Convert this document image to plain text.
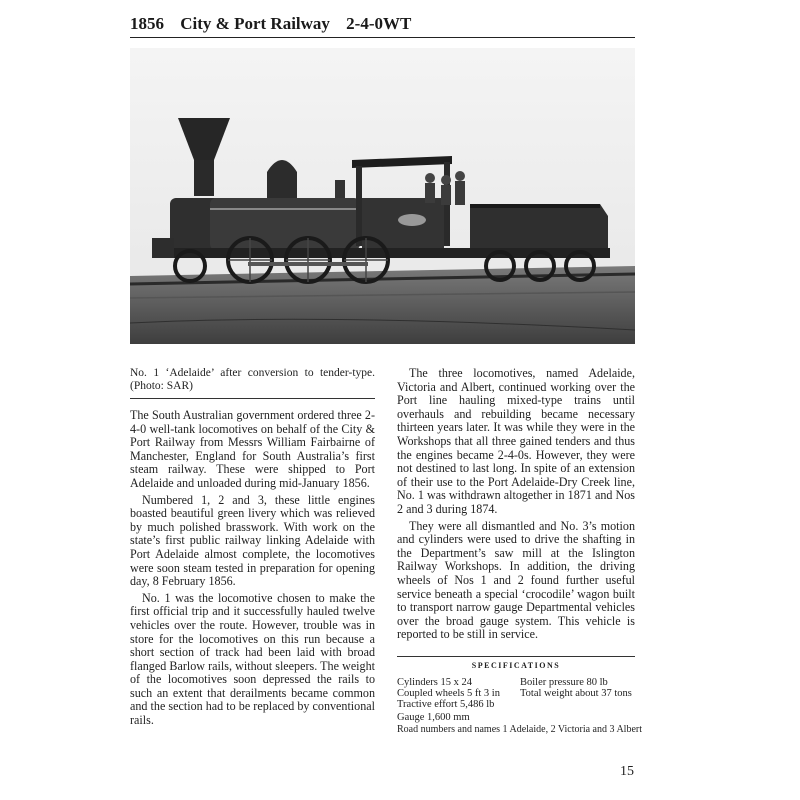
1856 City & Port Railway 2-4-0WT
No. 1 ‘Adelaide’ after conversion to tender-type. (Photo: SAR)

The South Australian government ordered three 2-4-0 well-tank locomotives on behalf of the City & Port Railway from Messrs William Fairbairne of Manchester, England for South Australia’s first steam railway. These were shipped to Port Adelaide and unloaded during mid-January 1856.

Numbered 1, 2 and 3, these little engines boasted beautiful green livery which was relieved by much polished brasswork. With work on the state’s first public railway linking Adelaide with Port Adelaide almost complete, the locomotives were soon steam tested in preparation for opening day, 8 February 1856.

No. 1 was the locomotive chosen to make the first official trip and it successfully hauled twelve vehicles over the route. However, trouble was in store for the locomotives on this run because a short section of track had been laid with broad flanged Barlow rails, without sleepers. The weight of the locomotives soon depressed the rails to such an extent that derailments became common and the section had to be replaced by conventional rails.

The three locomotives, named Adelaide, Victoria and Albert, continued working over the Port line hauling mixed-type trains until overhauls and rebuilding became necessary thirteen years later. It was while they were in the Workshops that all three gained tenders and thus the engines became 2-4-0s. However, they were not destined to last long. In spite of an extension of their use to the Port Adelaide-Dry Creek line, No. 1 was withdrawn altogether in 1871 and Nos 2 and 3 during 1874.

They were all dismantled and No. 3’s motion and cylinders were used to drive the shafting in the Department’s saw mill at the Islington Railway Workshops. In addition, the driving wheels of Nos 1 and 2 found further useful service beneath a special ‘crocodile’ wagon built to transport narrow gauge Departmental vehicles over the broad gauge system. This vehicle is reported to be still in service.

SPECIFICATIONS
Cylinders 15 x 24	Boiler pressure 80 lb
Coupled wheels 5 ft 3 in Total weight about 37 tons
Tractive effort 5,486 lb
Gauge 1,600 mm
Road numbers and names 1 Adelaide, 2 Victoria and 3 Albert
15
